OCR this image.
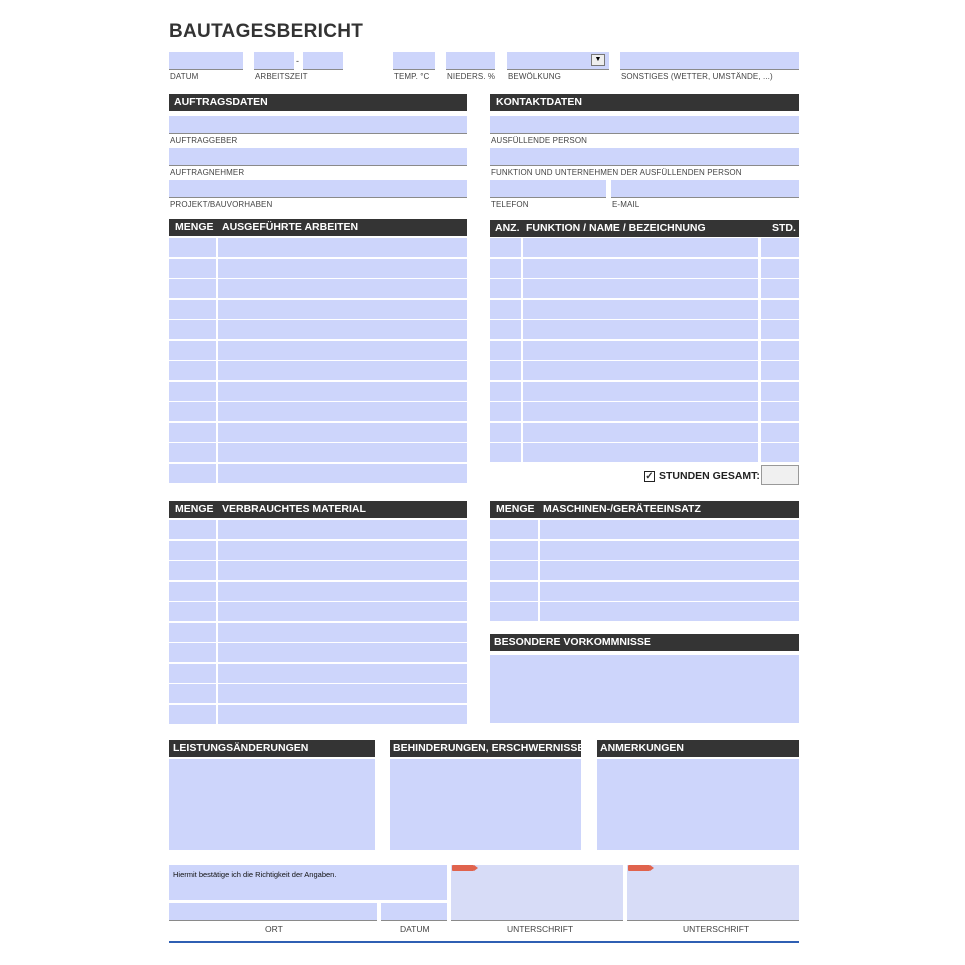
BAUTAGESBERICHT
DATUM
-
ARBEITSZEIT	TEMP. °C NIEDERS. %
▼
BEWÖLKUNG	SONSTIGES (WETTER, UMSTÄNDE, ...)
AUFTRAGSDATEN
AUFTRAGGEBER
AUFTRAGNEHMER
PROJEKT/BAUVORHABEN
KONTAKTDATEN
AUSFÜLLENDE PERSON
FUNKTION UND UNTERNEHMEN DER AUSFÜLLENDEN PERSON
TELEFON	E-MAIL
MENGE AUSGEFÜHRTE ARBEITEN	ANZ. FUNKTION / NAME / BEZEICHNUNG	STD.
✓ STUNDEN GESAMT:
MENGE VERBRAUCHTES MATERIAL	MENGE MASCHINEN-/GERÄTEEINSATZ
BESONDERE VORKOMMNISSE
LEISTUNGSÄNDERUNGEN	BEHINDERUNGEN, ERSCHWERNISSE ANMERKUNGEN
Hiermit bestätige ich die Richtigkeit der Angaben.
ORT	DATUM	UNTERSCHRIFT	UNTERSCHRIFT
